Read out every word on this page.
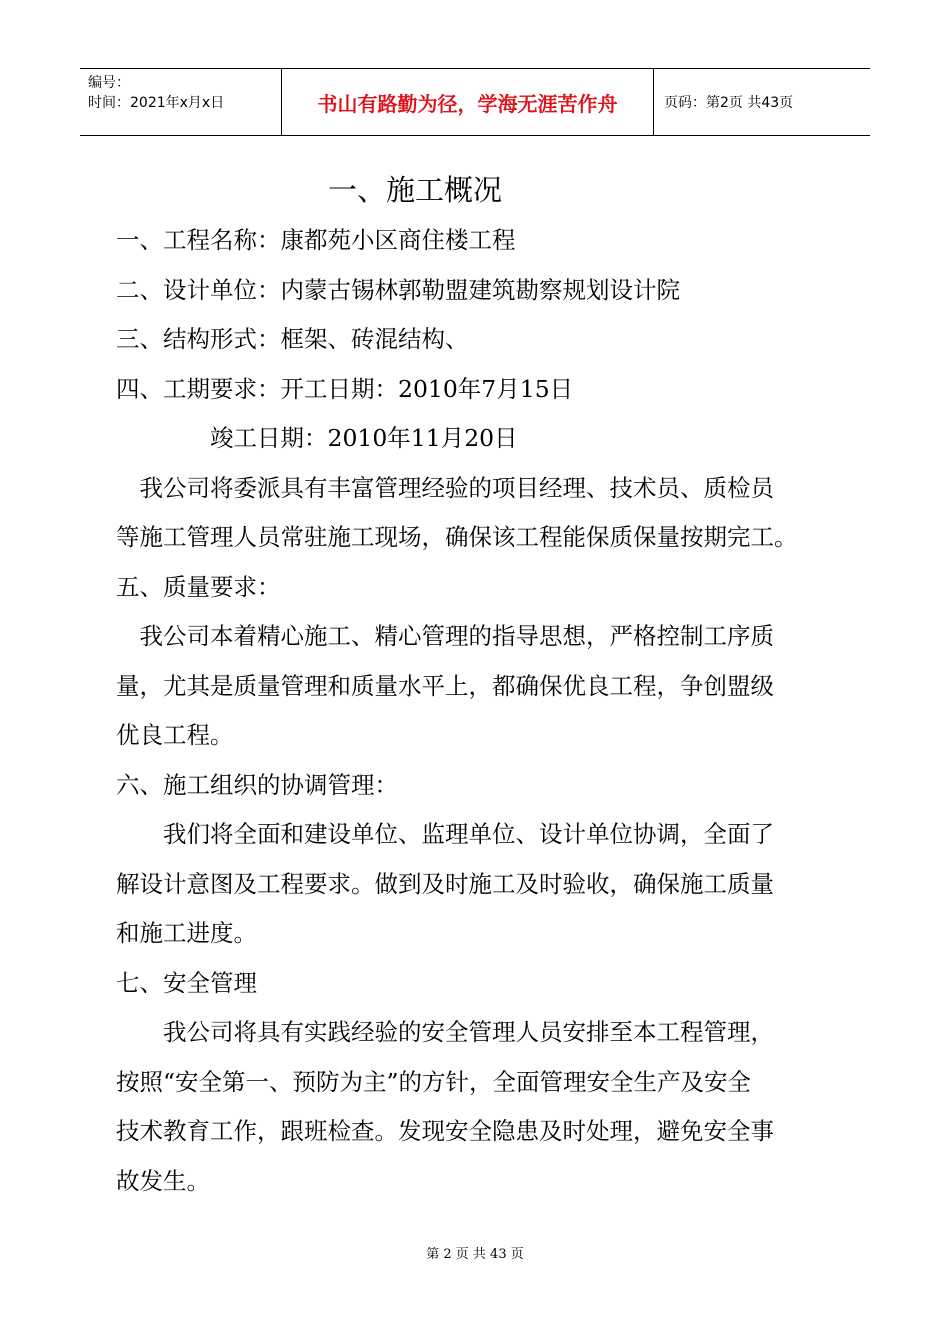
编号：
时间：2021年x月x日	书山有路勤为径，学海无涯苦作舟	页码：第2页 共43页
一、施工概况

一、工程名称：康都苑小区商住楼工程

二、设计单位：内蒙古锡林郭勒盟建筑勘察规划设计院

三、结构形式：框架、砖混结构、

四、工期要求：开工日期：2010年7月15日

　　　　竣工日期：2010年11月20日

　我公司将委派具有丰富管理经验的项目经理、技术员、质检员

等施工管理人员常驻施工现场，确保该工程能保质保量按期完工。

五、质量要求：

　我公司本着精心施工、精心管理的指导思想，严格控制工序质

量，尤其是质量管理和质量水平上，都确保优良工程，争创盟级

优良工程。

六、施工组织的协调管理：

　　我们将全面和建设单位、监理单位、设计单位协调，全面了

解设计意图及工程要求。做到及时施工及时验收，确保施工质量

和施工进度。

七、安全管理

　　我公司将具有实践经验的安全管理人员安排至本工程管理，

按照“安全第一、预防为主”的方针，全面管理安全生产及安全

技术教育工作，跟班检查。发现安全隐患及时处理，避免安全事

故发生。

第 2 页 共 43 页
